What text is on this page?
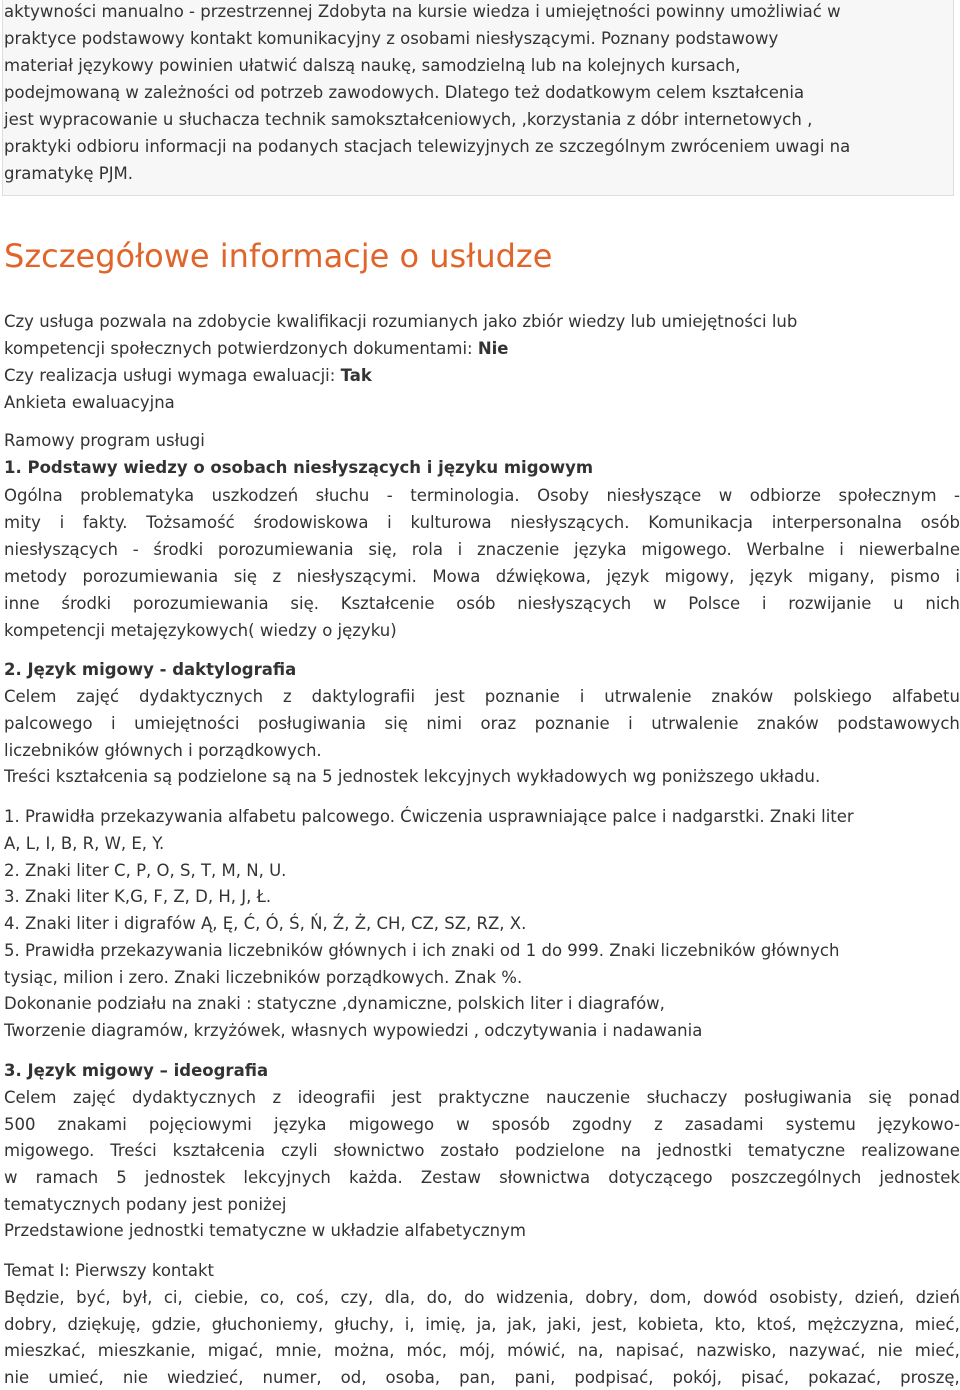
aktywności manualno - przestrzennej Zdobyta na kursie wiedza i umiejętności powinny umożliwiać w
praktyce podstawowy kontakt komunikacyjny z osobami niesłyszącymi. Poznany podstawowy
materiał językowy powinien ułatwić dalszą naukę, samodzielną lub na kolejnych kursach,
podejmowaną w zależności od potrzeb zawodowych. Dlatego też dodatkowym celem kształcenia
jest wypracowanie u słuchacza technik samokształceniowych, ,korzystania z dóbr internetowych ,
praktyki odbioru informacji na podanych stacjach telewizyjnych ze szczególnym zwróceniem uwagi na
gramatykę PJM.
Szczegółowe informacje o usłudze
Czy usługa pozwala na zdobycie kwalifikacji rozumianych jako zbiór wiedzy lub umiejętności lub
kompetencji społecznych potwierdzonych dokumentami: Nie
Czy realizacja usługi wymaga ewaluacji: Tak
Ankieta ewaluacyjna
Ramowy program usługi
1. Podstawy wiedzy o osobach niesłyszących i języku migowym
Ogólna problematyka uszkodzeń słuchu - terminologia. Osoby niesłyszące w odbiorze społecznym -
mity i fakty. Tożsamość środowiskowa i kulturowa niesłyszących. Komunikacja interpersonalna osób
niesłyszących - środki porozumiewania się, rola i znaczenie języka migowego. Werbalne i niewerbalne
metody porozumiewania się z niesłyszącymi. Mowa dźwiękowa, język migowy, język migany, pismo i
inne środki porozumiewania się. Kształcenie osób niesłyszących w Polsce i rozwijanie u nich
kompetencji metajęzykowych( wiedzy o języku)
2. Język migowy - daktylografia
Celem zajęć dydaktycznych z daktylografii jest poznanie i utrwalenie znaków polskiego alfabetu
palcowego i umiejętności posługiwania się nimi oraz poznanie i utrwalenie znaków podstawowych
liczebników głównych i porządkowych.
Treści kształcenia są podzielone są na 5 jednostek lekcyjnych wykładowych wg poniższego układu.
1. Prawidła przekazywania alfabetu palcowego. Ćwiczenia usprawniające palce i nadgarstki. Znaki liter
A, L, I, B, R, W, E, Y.
2. Znaki liter C, P, O, S, T, M, N, U.
3. Znaki liter K,G, F, Z, D, H, J, Ł.
4. Znaki liter i digrafów Ą, Ę, Ć, Ó, Ś, Ń, Ź, Ż, CH, CZ, SZ, RZ, X.
5. Prawidła przekazywania liczebników głównych i ich znaki od 1 do 999. Znaki liczebników głównych
tysiąc, milion i zero. Znaki liczebników porządkowych. Znak %.
Dokonanie podziału na znaki : statyczne ,dynamiczne, polskich liter i diagrafów,
Tworzenie diagramów, krzyżówek, własnych wypowiedzi , odczytywania i nadawania
3. Język migowy – ideografia
Celem zajęć dydaktycznych z ideografii jest praktyczne nauczenie słuchaczy posługiwania się ponad
500 znakami pojęciowymi języka migowego w sposób zgodny z zasadami systemu językowo-
migowego. Treści kształcenia czyli słownictwo zostało podzielone na jednostki tematyczne realizowane
w ramach 5 jednostek lekcyjnych każda. Zestaw słownictwa dotyczącego poszczególnych jednostek
tematycznych podany jest poniżej
Przedstawione jednostki tematyczne w układzie alfabetycznym
Temat I: Pierwszy kontakt
Będzie, być, był, ci, ciebie, co, coś, czy, dla, do, do widzenia, dobry, dom, dowód osobisty, dzień, dzień
dobry, dziękuję, gdzie, głuchoniemy, głuchy, i, imię, ja, jak, jaki, jest, kobieta, kto, ktoś, mężczyzna, mieć,
mieszkać, mieszkanie, migać, mnie, można, móc, mój, mówić, na, napisać, nazwisko, nazywać, nie mieć,
nie umieć, nie wiedzieć, numer, od, osoba, pan, pani, podpisać, pokój, pisać, pokazać, proszę,
